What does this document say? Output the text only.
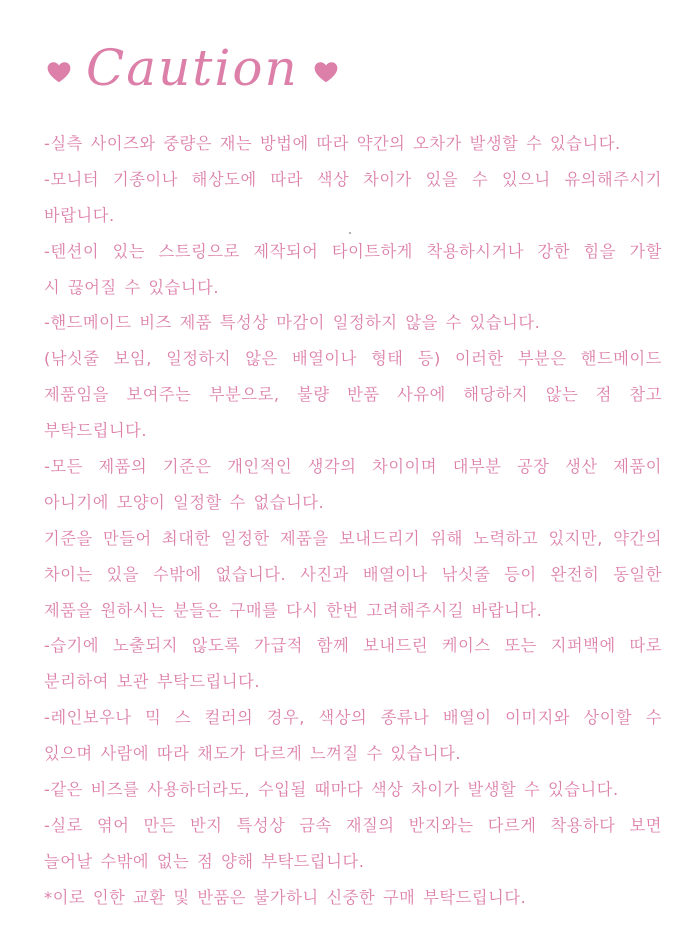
Caution
-실측 사이즈와 중량은 재는 방법에 따라 약간의 오차가 발생할 수 있습니다.
-모니터 기종이나 해상도에 따라 색상 차이가 있을 수 있으니 유의해주시기
바랍니다.
-텐션이 있는 스트링으로 제작되어 타이트하게 착용하시거나 강한 힘을 가할
시 끊어질 수 있습니다.
-핸드메이드 비즈 제품 특성상 마감이 일정하지 않을 수 있습니다.
(낚싯줄 보임, 일정하지 않은 배열이나 형태 등) 이러한 부분은 핸드메이드
제품임을 보여주는 부분으로, 불량 반품 사유에 해당하지 않는 점 참고
부탁드립니다.
-모든 제품의 기준은 개인적인 생각의 차이이며 대부분 공장 생산 제품이
아니기에 모양이 일정할 수 없습니다.
기준을 만들어 최대한 일정한 제품을 보내드리기 위해 노력하고 있지만, 약간의
차이는 있을 수밖에 없습니다. 사진과 배열이나 낚싯줄 등이 완전히 동일한
제품을 원하시는 분들은 구매를 다시 한번 고려해주시길 바랍니다.
-습기에 노출되지 않도록 가급적 함께 보내드린 케이스 또는 지퍼백에 따로
분리하여 보관 부탁드립니다.
-레인보우나 믹 스 컬러의 경우, 색상의 종류나 배열이 이미지와 상이할 수
있으며 사람에 따라 채도가 다르게 느껴질 수 있습니다.
-같은 비즈를 사용하더라도, 수입될 때마다 색상 차이가 발생할 수 있습니다.
-실로 엮어 만든 반지 특성상 금속 재질의 반지와는 다르게 착용하다 보면
늘어날 수밖에 없는 점 양해 부탁드립니다.
*이로 인한 교환 및 반품은 불가하니 신중한 구매 부탁드립니다.
